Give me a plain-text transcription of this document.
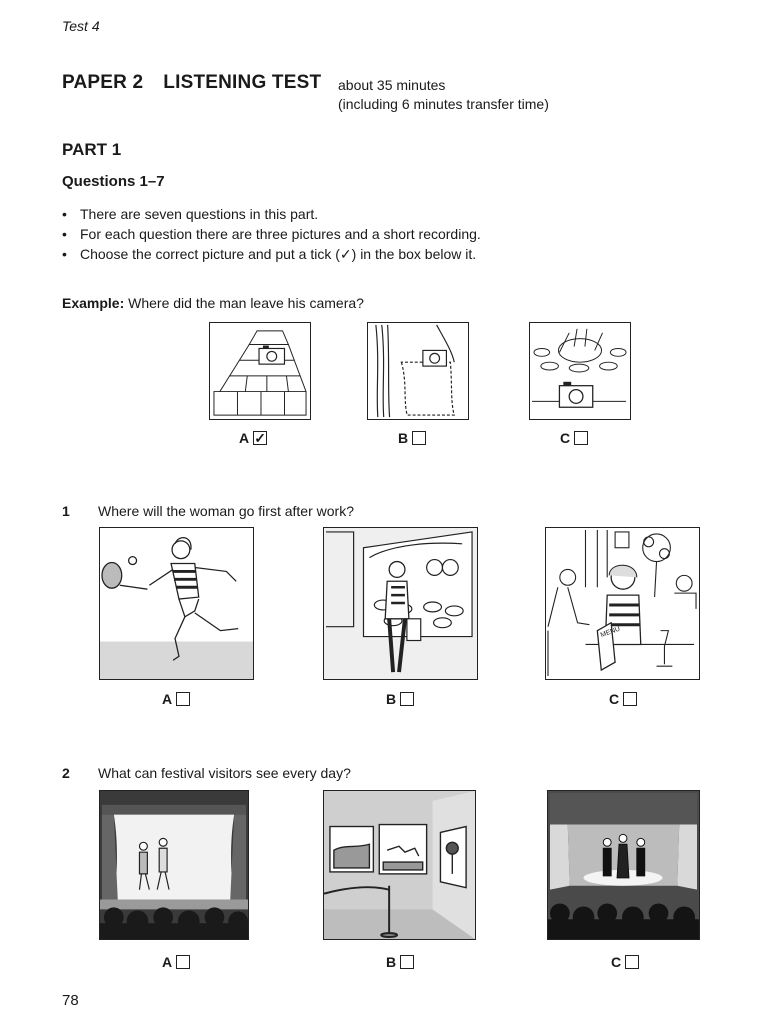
Test 4
PAPER 2 LISTENING TEST about 35 minutes
(including 6 minutes transfer time)
PART 1
Questions 1–7
• There are seven questions in this part.
• For each question there are three pictures and a short recording.
• Choose the correct picture and put a tick (✓) in the box below it.
Example: Where did the man leave his camera?
A ✓	B	C
1 Where will the woman go first after work?
MENU
A	B	C
2 What can festival visitors see every day?
A	B	C
78
